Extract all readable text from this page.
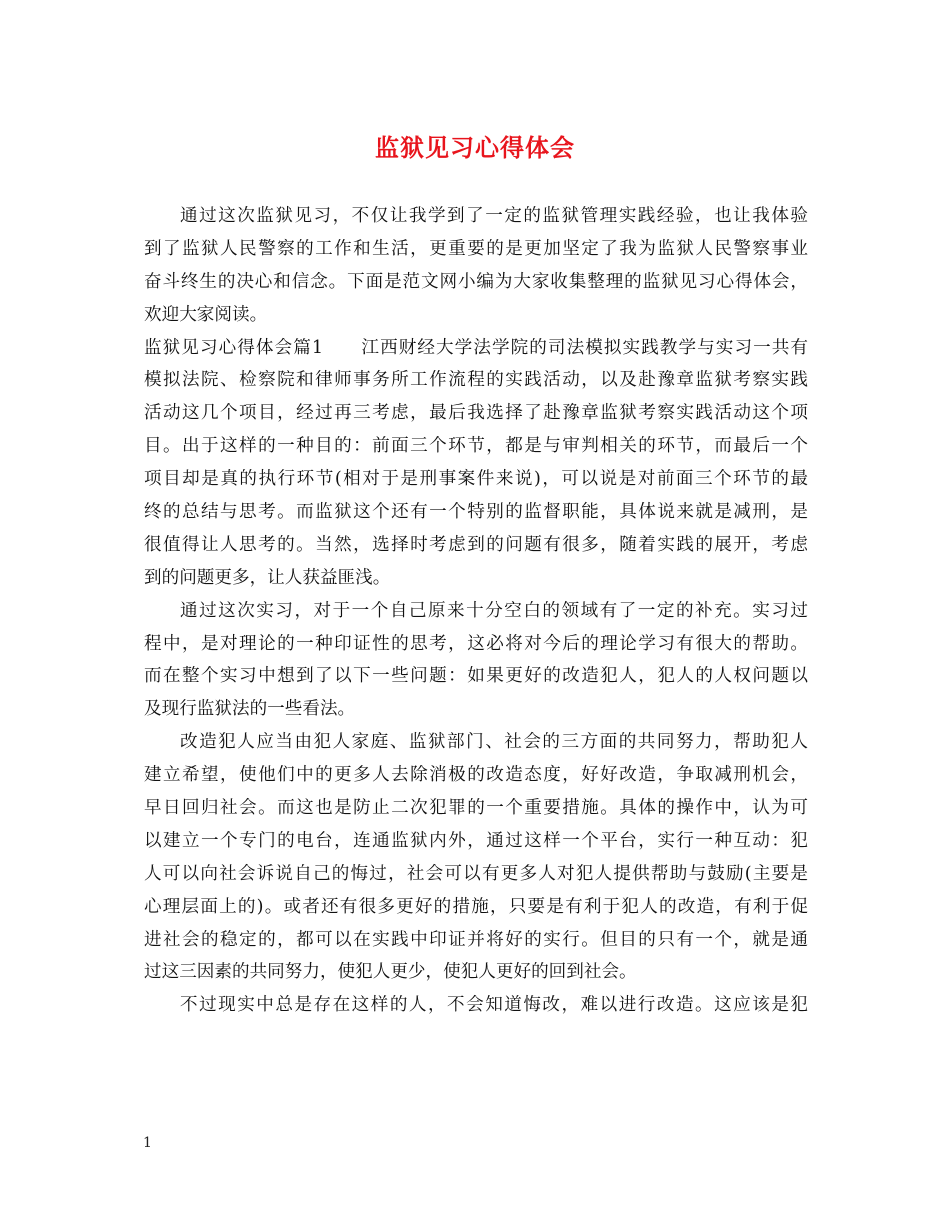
监狱见习心得体会
通过这次监狱见习，不仅让我学到了一定的监狱管理实践经验，也让我体验
到了监狱人民警察的工作和生活，更重要的是更加坚定了我为监狱人民警察事业
奋斗终生的决心和信念。下面是范文网小编为大家收集整理的监狱见习心得体会，
欢迎大家阅读。
监狱见习心得体会篇1　　江西财经大学法学院的司法模拟实践教学与实习一共有
模拟法院、检察院和律师事务所工作流程的实践活动，以及赴豫章监狱考察实践
活动这几个项目，经过再三考虑，最后我选择了赴豫章监狱考察实践活动这个项
目。出于这样的一种目的：前面三个环节，都是与审判相关的环节，而最后一个
项目却是真的执行环节(相对于是刑事案件来说)，可以说是对前面三个环节的最
终的总结与思考。而监狱这个还有一个特别的监督职能，具体说来就是减刑，是
很值得让人思考的。当然，选择时考虑到的问题有很多，随着实践的展开，考虑
到的问题更多，让人获益匪浅。
通过这次实习，对于一个自己原来十分空白的领域有了一定的补充。实习过
程中，是对理论的一种印证性的思考，这必将对今后的理论学习有很大的帮助。
而在整个实习中想到了以下一些问题：如果更好的改造犯人，犯人的人权问题以
及现行监狱法的一些看法。
改造犯人应当由犯人家庭、监狱部门、社会的三方面的共同努力，帮助犯人
建立希望，使他们中的更多人去除消极的改造态度，好好改造，争取减刑机会，
早日回归社会。而这也是防止二次犯罪的一个重要措施。具体的操作中，认为可
以建立一个专门的电台，连通监狱内外，通过这样一个平台，实行一种互动：犯
人可以向社会诉说自己的悔过，社会可以有更多人对犯人提供帮助与鼓励(主要是
心理层面上的)。或者还有很多更好的措施，只要是有利于犯人的改造，有利于促
进社会的稳定的，都可以在实践中印证并将好的实行。但目的只有一个，就是通
过这三因素的共同努力，使犯人更少，使犯人更好的回到社会。
不过现实中总是存在这样的人，不会知道悔改，难以进行改造。这应该是犯
1
